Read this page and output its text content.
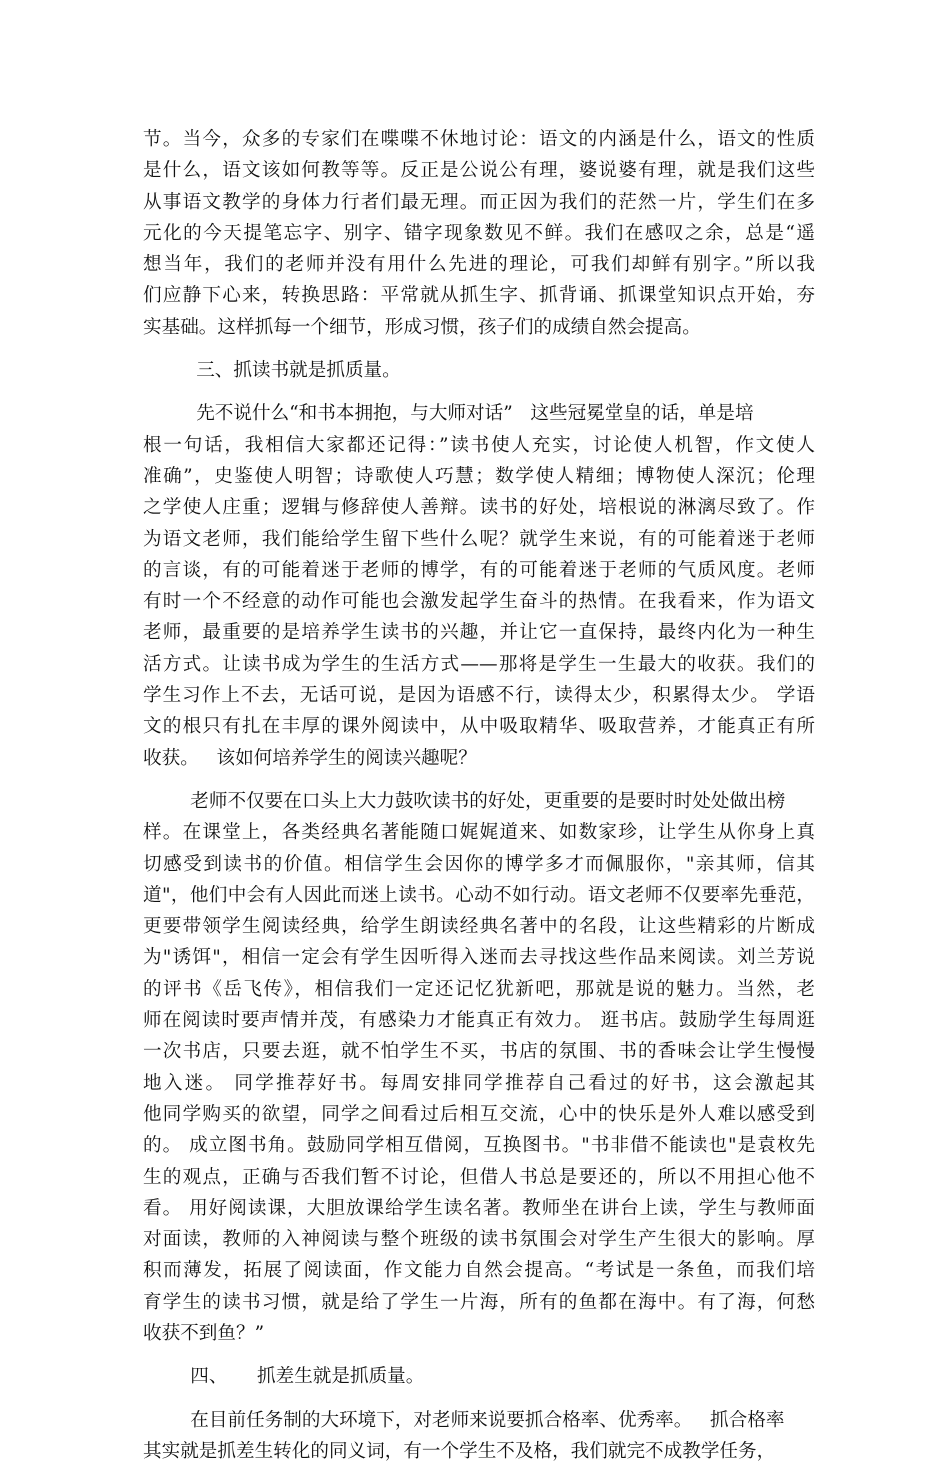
节。当今，众多的专家们在喋喋不休地讨论：语文的内涵是什么，语文的性质
是什么，语文该如何教等等。反正是公说公有理，婆说婆有理，就是我们这些
从事语文教学的身体力行者们最无理。而正因为我们的茫然一片，学生们在多
元化的今天提笔忘字、别字、错字现象数见不鲜。我们在感叹之余，总是“遥
想当年，我们的老师并没有用什么先进的理论，可我们却鲜有别字。”所以我
们应静下心来，转换思路：平常就从抓生字、抓背诵、抓课堂知识点开始，夯
实基础。这样抓每一个细节，形成习惯，孩子们的成绩自然会提高。
三、抓读书就是抓质量。
先不说什么“和书本拥抱，与大师对话”   这些冠冕堂皇的话，单是培
根一句话，我相信大家都还记得：”读书使人充实，讨论使人机智，作文使人
准确”，史鉴使人明智；诗歌使人巧慧；数学使人精细；博物使人深沉；伦理
之学使人庄重；逻辑与修辞使人善辩。读书的好处，培根说的淋漓尽致了。作
为语文老师，我们能给学生留下些什么呢？就学生来说，有的可能着迷于老师
的言谈，有的可能着迷于老师的博学，有的可能着迷于老师的气质风度。老师
有时一个不经意的动作可能也会激发起学生奋斗的热情。在我看来，作为语文
老师，最重要的是培养学生读书的兴趣，并让它一直保持，最终内化为一种生
活方式。让读书成为学生的生活方式——那将是学生一生最大的收获。我们的
学生习作上不去，无话可说，是因为语感不行，读得太少，积累得太少。 学语
文的根只有扎在丰厚的课外阅读中，从中吸取精华、吸取营养，才能真正有所
收获。   该如何培养学生的阅读兴趣呢？
老师不仅要在口头上大力鼓吹读书的好处，更重要的是要时时处处做出榜
样。在课堂上，各类经典名著能随口娓娓道来、如数家珍，让学生从你身上真
切感受到读书的价值。相信学生会因你的博学多才而佩服你，"亲其师，信其
道"，他们中会有人因此而迷上读书。心动不如行动。语文老师不仅要率先垂范，
更要带领学生阅读经典，给学生朗读经典名著中的名段，让这些精彩的片断成
为"诱饵"，相信一定会有学生因听得入迷而去寻找这些作品来阅读。刘兰芳说
的评书《岳飞传》，相信我们一定还记忆犹新吧，那就是说的魅力。当然，老
师在阅读时要声情并茂，有感染力才能真正有效力。 逛书店。鼓励学生每周逛
一次书店，只要去逛，就不怕学生不买，书店的氛围、书的香味会让学生慢慢
地入迷。 同学推荐好书。每周安排同学推荐自己看过的好书，这会激起其
他同学购买的欲望，同学之间看过后相互交流，心中的快乐是外人难以感受到
的。 成立图书角。鼓励同学相互借阅，互换图书。"书非借不能读也"是袁枚先
生的观点，正确与否我们暂不讨论，但借人书总是要还的，所以不用担心他不
看。 用好阅读课，大胆放课给学生读名著。教师坐在讲台上读，学生与教师面
对面读，教师的入神阅读与整个班级的读书氛围会对学生产生很大的影响。厚
积而薄发，拓展了阅读面，作文能力自然会提高。“考试是一条鱼，而我们培
育学生的读书习惯，就是给了学生一片海，所有的鱼都在海中。有了海，何愁
收获不到鱼？”
四、     抓差生就是抓质量。
在目前任务制的大环境下，对老师来说要抓合格率、优秀率。   抓合格率
其实就是抓差生转化的同义词，有一个学生不及格，我们就完不成教学任务，
